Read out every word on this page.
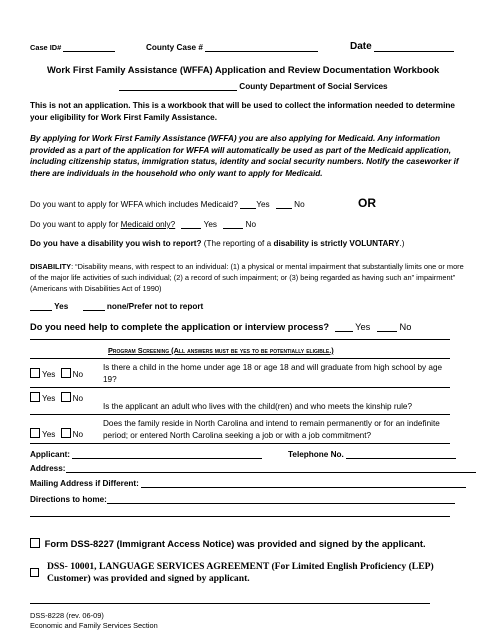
Case ID#	County Case #	Date
Work First Family Assistance (WFFA) Application and Review Documentation Workbook
County Department of Social Services
This is not an application. This is a workbook that will be used to collect the information needed to determine your eligibility for Work First Family Assistance.
By applying for Work First Family Assistance (WFFA) you are also applying for Medicaid. Any information provided as a part of the application for WFFA will automatically be used as part of the Medicaid application, including citizenship status, immigration status, identity and social security numbers. Notify the caseworker if there are individuals in the household who only want to apply for Medicaid.
Do you want to apply for WFFA which includes Medicaid? Yes	No	OR
Do you want to apply for Medicaid only?	Yes	No
Do you have a disability you wish to report? (The reporting of a disability is strictly VOLUNTARY.)
DISABILITY: “Disability means, with respect to an individual: (1) a physical or mental impairment that substantially limits one or more of the major life activities of such individual; (2) a record of such impairment; or (3) being regarded as having such an” impairment” (Americans with Disabilities Act of 1990)
Yes	none/Prefer not to report
Do you need help to complete the application or interview process?	Yes	No
Program Screening (All answers must be yes to be potentially eligible.)
Yes No
Is there a child in the home under age 18 or age 18 and will graduate from high school by age 19?
Yes No
Is the applicant an adult who lives with the child(ren) and who meets the kinship rule?
Yes No
Does the family reside in North Carolina and intend to remain permanently or for an indefinite period; or entered North Carolina seeking a job or with a job commitment?
Applicant:	Telephone No.
Address:
Mailing Address if Different:
Directions to home:
Form DSS-8227 (Immigrant Access Notice) was provided and signed by the applicant.
DSS- 10001, LANGUAGE SERVICES AGREEMENT (For Limited English Proficiency (LEP) Customer) was provided and signed by applicant.
DSS-8228 (rev. 06-09)
Economic and Family Services Section
